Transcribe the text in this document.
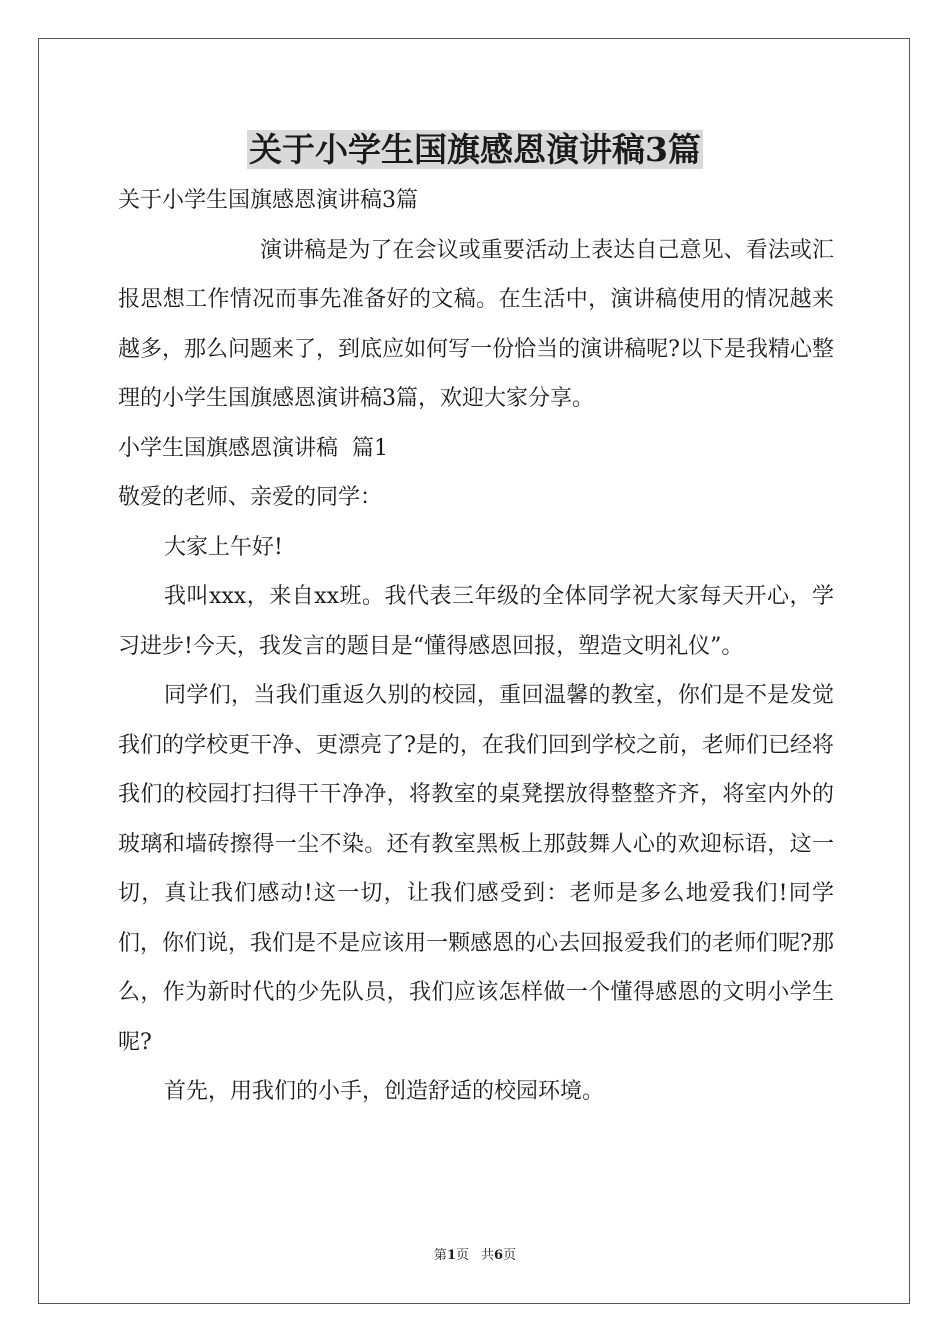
关于小学生国旗感恩演讲稿3篇

关于小学生国旗感恩演讲稿3篇

演讲稿是为了在会议或重要活动上表达自己意见、看法或汇报思想工作情况而事先准备好的文稿。在生活中，演讲稿使用的情况越来越多，那么问题来了，到底应如何写一份恰当的演讲稿呢?以下是我精心整理的小学生国旗感恩演讲稿3篇，欢迎大家分享。

小学生国旗感恩演讲稿  篇1

敬爱的老师、亲爱的同学：

大家上午好!

我叫xxx，来自xx班。我代表三年级的全体同学祝大家每天开心，学习进步!今天，我发言的题目是“懂得感恩回报，塑造文明礼仪”。

同学们，当我们重返久别的校园，重回温馨的教室，你们是不是发觉我们的学校更干净、更漂亮了?是的，在我们回到学校之前，老师们已经将我们的校园打扫得干干净净，将教室的桌凳摆放得整整齐齐，将室内外的玻璃和墙砖擦得一尘不染。还有教室黑板上那鼓舞人心的欢迎标语，这一切，真让我们感动!这一切，让我们感受到：老师是多么地爱我们!同学们，你们说，我们是不是应该用一颗感恩的心去回报爱我们的老师们呢?那么，作为新时代的少先队员，我们应该怎样做一个懂得感恩的文明小学生呢?

首先，用我们的小手，创造舒适的校园环境。

第1页 共6页
